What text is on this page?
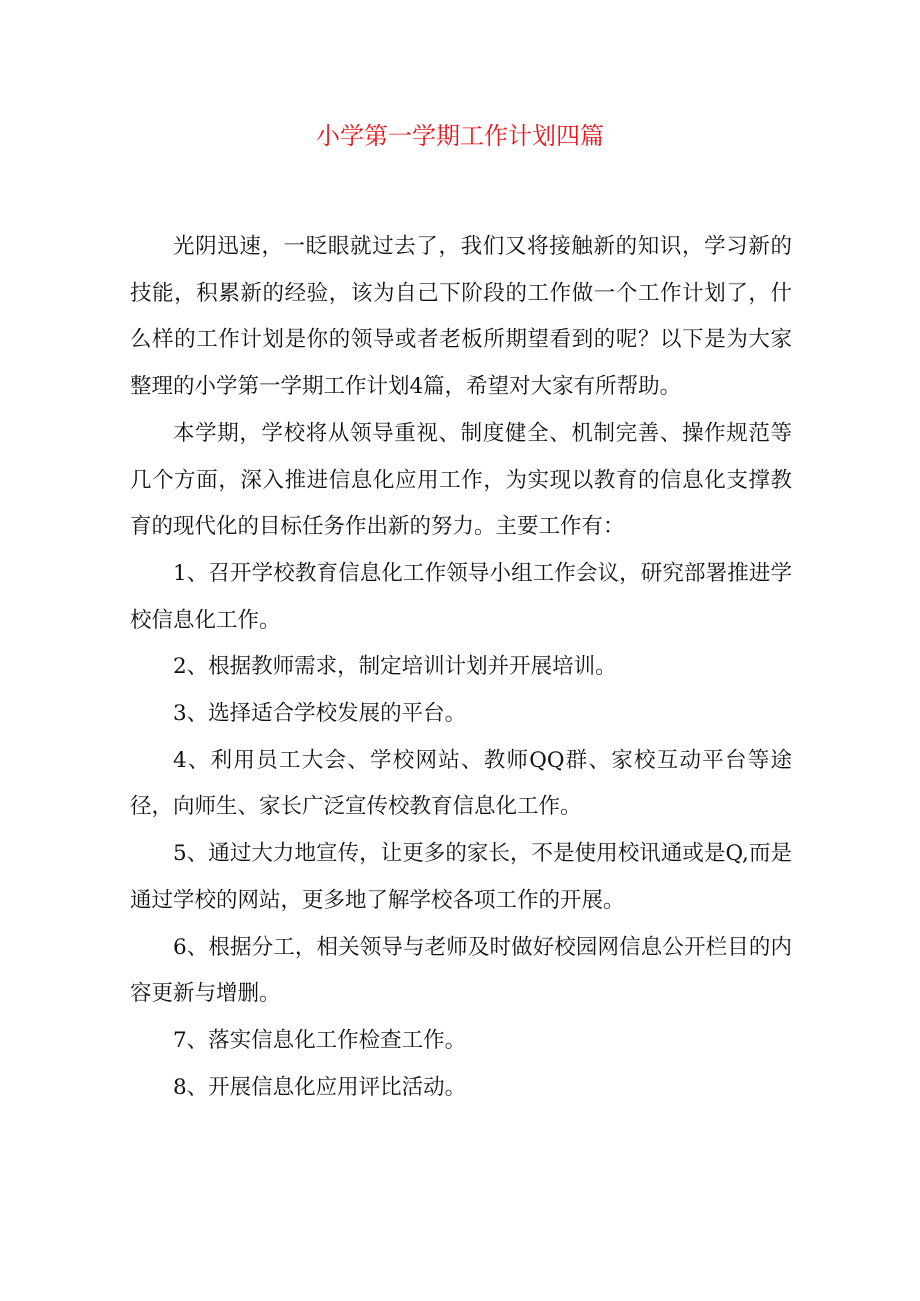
小学第一学期工作计划四篇

光阴迅速，一眨眼就过去了，我们又将接触新的知识，学习新的技能，积累新的经验，该为自己下阶段的工作做一个工作计划了，什么样的工作计划是你的领导或者老板所期望看到的呢？以下是为大家整理的小学第一学期工作计划4篇，希望对大家有所帮助。

本学期，学校将从领导重视、制度健全、机制完善、操作规范等几个方面，深入推进信息化应用工作，为实现以教育的信息化支撑教育的现代化的目标任务作出新的努力。主要工作有：

1、召开学校教育信息化工作领导小组工作会议，研究部署推进学校信息化工作。

2、根据教师需求，制定培训计划并开展培训。

3、选择适合学校发展的平台。

4、利用员工大会、学校网站、教师QQ群、家校互动平台等途径，向师生、家长广泛宣传校教育信息化工作。

5、通过大力地宣传，让更多的家长，不是使用校讯通或是Q,而是通过学校的网站，更多地了解学校各项工作的开展。

6、根据分工，相关领导与老师及时做好校园网信息公开栏目的内容更新与增删。

7、落实信息化工作检查工作。

8、开展信息化应用评比活动。
